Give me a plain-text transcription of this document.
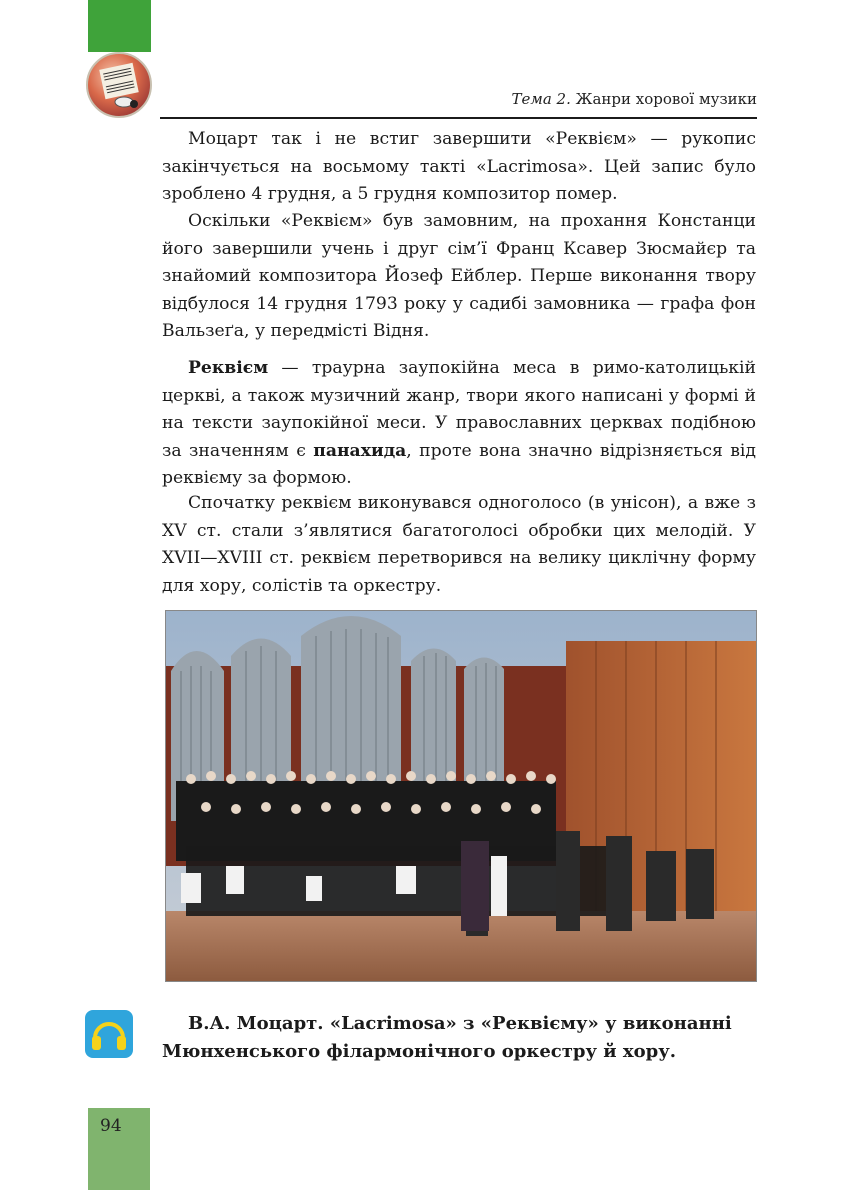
Тема 2. Жанри хорової музики

Моцарт так і не встиг завершити «Реквієм» — рукопис закінчується на восьмому такті «Lacrimosa». Цей запис було зроблено 4 грудня, а 5 грудня композитор помер.

Оскільки «Реквієм» був замовним, на прохання Констанци його завершили учень і друг сім’ї Франц Ксавер Зюсмайєр та знайомий композитора Йозеф Ейблер. Перше виконання твору відбулося 14 грудня 1793 року у садибі замовника — графа фон Вальзеґа, у передмісті Відня.

Реквієм — траурна заупокійна меса в римо-католицькій церкві, а також музичний жанр, твори якого написані у формі й на тексти заупокійної меси. У православних церквах подібною за значенням є панахида, проте вона значно відрізняється від реквієму за формою.

Спочатку реквієм виконувався одноголосо (в унісон), а вже з XV ст. стали з’являтися багатоголосі обробки цих мелодій. У XVII—XVIII ст. реквієм перетворився на велику циклічну форму для хору, солістів та оркестру.

В.А. Моцарт. «Lacrimosa» з «Реквієму» у виконанні
Мюнхенського філармонічного оркестру й хору.
94
